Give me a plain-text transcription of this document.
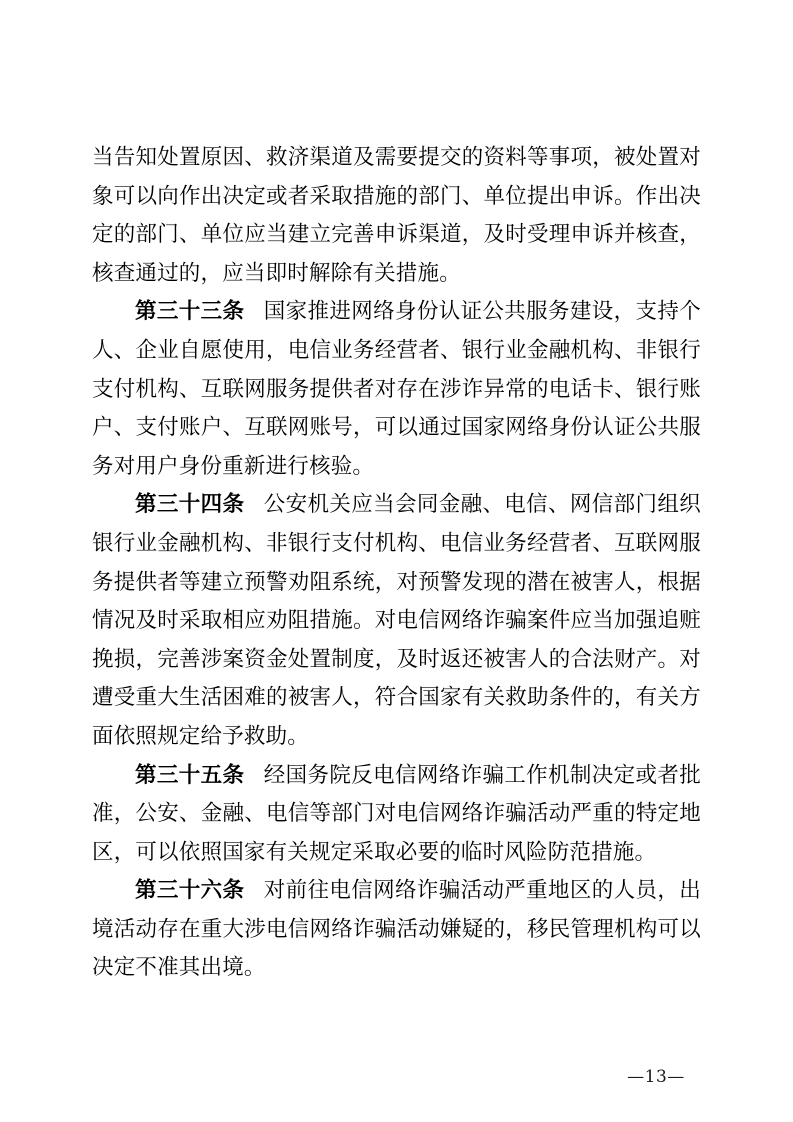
当告知处置原因、救济渠道及需要提交的资料等事项，被处置对象可以向作出决定或者采取措施的部门、单位提出申诉。作出决定的部门、单位应当建立完善申诉渠道，及时受理申诉并核查，核查通过的，应当即时解除有关措施。

第三十三条 国家推进网络身份认证公共服务建设，支持个人、企业自愿使用，电信业务经营者、银行业金融机构、非银行支付机构、互联网服务提供者对存在涉诈异常的电话卡、银行账户、支付账户、互联网账号，可以通过国家网络身份认证公共服务对用户身份重新进行核验。

第三十四条 公安机关应当会同金融、电信、网信部门组织银行业金融机构、非银行支付机构、电信业务经营者、互联网服务提供者等建立预警劝阻系统，对预警发现的潜在被害人，根据情况及时采取相应劝阻措施。对电信网络诈骗案件应当加强追赃挽损，完善涉案资金处置制度，及时返还被害人的合法财产。对遭受重大生活困难的被害人，符合国家有关救助条件的，有关方面依照规定给予救助。

第三十五条 经国务院反电信网络诈骗工作机制决定或者批准，公安、金融、电信等部门对电信网络诈骗活动严重的特定地区，可以依照国家有关规定采取必要的临时风险防范措施。

第三十六条 对前往电信网络诈骗活动严重地区的人员，出境活动存在重大涉电信网络诈骗活动嫌疑的，移民管理机构可以决定不准其出境。

—13—
